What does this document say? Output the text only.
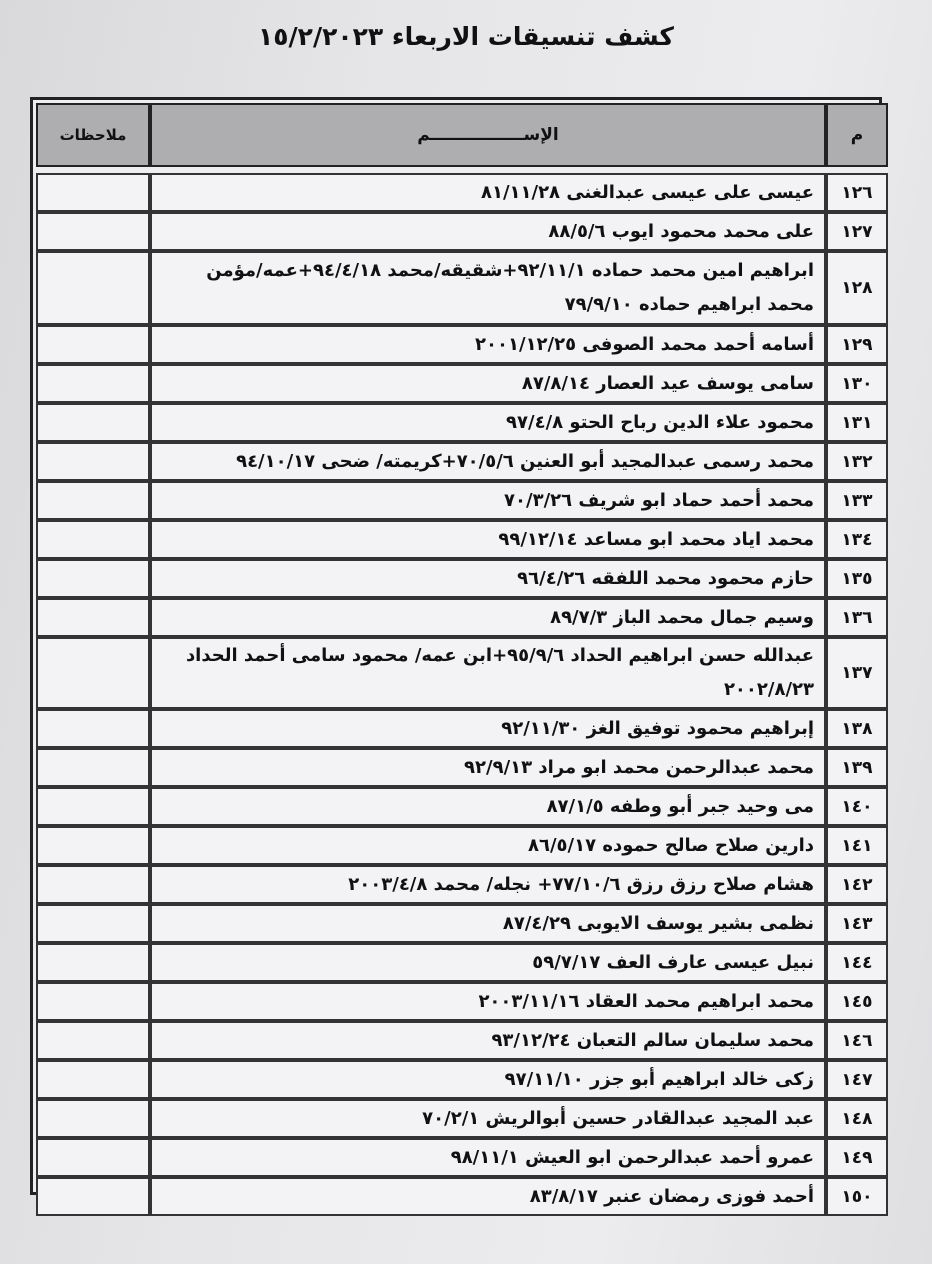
كشف تنسيقات الاربعاء ١٥/٢/٢٠٢٣
م	الإســــــــــــــــم	ملاحظات

١٢٦	عيسى على عيسى عبدالغنى ٨١/١١/٢٨	
١٢٧	على محمد محمود ايوب ٨٨/٥/٦	
١٢٨	ابراهيم امين محمد حماده ٩٢/١١/١+شقيقه/محمد ٩٤/٤/١٨+عمه/مؤمن محمد ابراهيم حماده ٧٩/٩/١٠	
١٢٩	أسامه أحمد محمد الصوفى ٢٠٠١/١٢/٢٥	
١٣٠	سامى يوسف عيد العصار ٨٧/٨/١٤	
١٣١	محمود علاء الدين رباح الحتو ٩٧/٤/٨	
١٣٢	محمد رسمى عبدالمجيد أبو العنين ٧٠/٥/٦+كريمته/ ضحى ٩٤/١٠/١٧	
١٣٣	محمد أحمد حماد ابو شريف ٧٠/٣/٢٦	
١٣٤	محمد اياد محمد ابو مساعد ٩٩/١٢/١٤	
١٣٥	حازم محمود محمد اللفقه ٩٦/٤/٢٦	
١٣٦	وسيم جمال محمد الباز ٨٩/٧/٣	
١٣٧	عبدالله حسن ابراهيم الحداد ٩٥/٩/٦+ابن عمه/ محمود سامى أحمد الحداد ٢٠٠٢/٨/٢٣	
١٣٨	إبراهيم محمود توفيق الغز ٩٢/١١/٣٠	
١٣٩	محمد عبدالرحمن محمد ابو مراد ٩٢/٩/١٣	
١٤٠	مى وحيد جبر أبو وطفه ٨٧/١/٥	
١٤١	دارين صلاح صالح حموده ٨٦/٥/١٧	
١٤٢	هشام صلاح رزق رزق ٧٧/١٠/٦+ نجله/ محمد ٢٠٠٣/٤/٨	
١٤٣	نظمى بشير يوسف الايوبى ٨٧/٤/٢٩	
١٤٤	نبيل عيسى عارف العف ٥٩/٧/١٧	
١٤٥	محمد ابراهيم محمد العقاد ٢٠٠٣/١١/١٦	
١٤٦	محمد سليمان سالم التعبان ٩٣/١٢/٢٤	
١٤٧	زكى خالد ابراهيم أبو جزر ٩٧/١١/١٠	
١٤٨	عبد المجيد عبدالقادر حسين أبوالريش ٧٠/٢/١	
١٤٩	عمرو أحمد عبدالرحمن ابو العيش ٩٨/١١/١	
١٥٠	أحمد فوزى رمضان عنبر ٨٣/٨/١٧	
